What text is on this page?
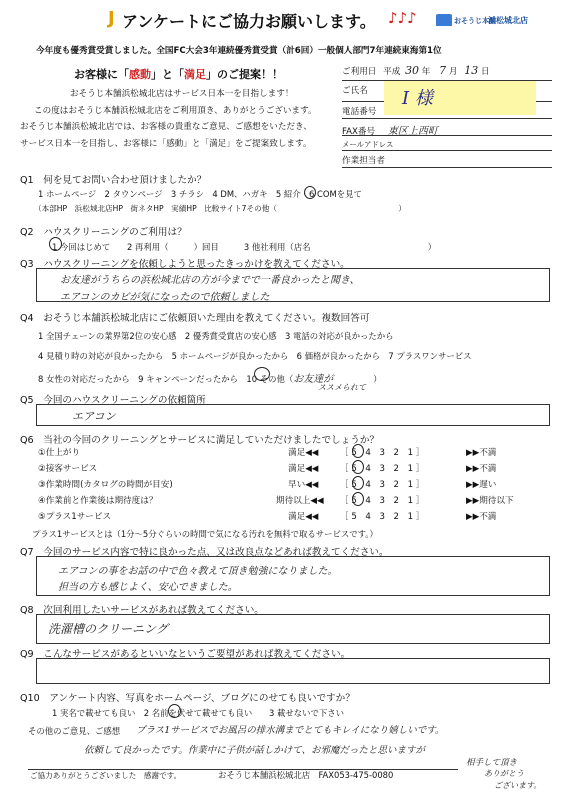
J アンケートにご協力お願いします。 ♪♪♪	おそうじ本舗
浜松城北店
今年度も優秀賞受賞しました。全国FC大会3年連続優秀賞受賞（計6回）一般個人部門7年連続東海第1位
お客様に「感動」と「満足」のご提案！！
おそうじ本舗浜松城北店はサービス日本一を目指します！
この度はおそうじ本舗浜松城北店をご利用頂き、ありがとうございます。
おそうじ本舗浜松城北店では、お客様の貴重なご意見、ご感想をいただき、
サービス日本一を目指し、お客様に「感動」と「満足」をご提案致します。
ご利用日 平成 30 年 7 月 13 日
ご氏名	I 様
電話番号
FAX番号 東区上西町
メールアドレス
作業担当者
Q1　何を見てお問い合わせ頂けましたか？
1 ホームページ　2 タウンページ　3 チラシ　4 DM、ハガキ　5 紹介　6 COMを見て
（本部HP　浜松城北店HP　街ネタHP　実績HP　比較サイト7その他（　　　　　　　　　　　　　　　　）
Q2　ハウスクリーニングのご利用は？
1 今回はじめて　　2 再利用（　　　）回目　　　3 他社利用（店名　　　　　　　　　　　　　　）
Q3　ハウスクリーニングを依頼しようと思ったきっかけを教えてください。
お友達がうちらの浜松城北店の方が今までで一番良かったと聞き、
エアコンのカビが気になったので依頼しました
Q4　おそうじ本舗浜松城北店にご依頼頂いた理由を教えてください。複数回答可
1 全国チェーンの業界第2位の安心感　2 優秀賞受賞店の安心感　3 電話の対応が良かったから
4 見積り時の対応が良かったから　5 ホームページが良かったから　6 価格が良かったから　7 プラスワンサービス
8 女性の対応だったから　9 キャンペーンだったから　10 その他（お友達が	）
ススメられて
Q5　今回のハウスクリーニングの依頼箇所
エアコン
Q6　当社の今回のクリーニングとサービスに満足していただけましたでしょうか？
①仕上がり	満足◀◀	［ 5　4　3　2　1 ］	▶▶不満
②接客サービス	満足◀◀	［ 5　4　3　2　1 ］	▶▶不満
③作業時間(カタログの時間が目安)	早い◀◀	［ 5　4　3　2　1 ］	▶▶遅い
④作業前と作業後は期待度は？	期待以上◀◀ ［ 5　4　3　2　1 ］	▶▶期待以下
⑤プラス1サービス	満足◀◀	［ 5　4　3　2　1 ］	▶▶不満
プラス1サービスとは（1分～5分ぐらいの時間で気になる汚れを無料で取るサービスです。）
Q7　今回のサービス内容で特に良かった点、又は改良点などあれば教えてください。
エアコンの事をお話の中で色々教えて頂き勉強になりました。
担当の方も感じよく、安心できました。
Q8　次回利用したいサービスがあれば教えてください。
洗濯槽のクリーニング
Q9　こんなサービスがあるといいなというご要望があれば教えてください。
Q10　アンケート内容、写真をホームページ、ブログにのせても良いですか？
1 実名で載せても良い　2 名前を伏せて載せても良い　　3 載せないで下さい
その他のご意見、ご感想 プラス1サービスでお風呂の排水溝までとてもキレイになり嬉しいです。
依頼して良かったです。作業中に子供が話しかけて、お邪魔だったと思いますが
相手して頂き
ありがとう
ございます。
ご協力ありがとうございました　感謝です。	おそうじ本舗浜松城北店　FAX053-475-0080
